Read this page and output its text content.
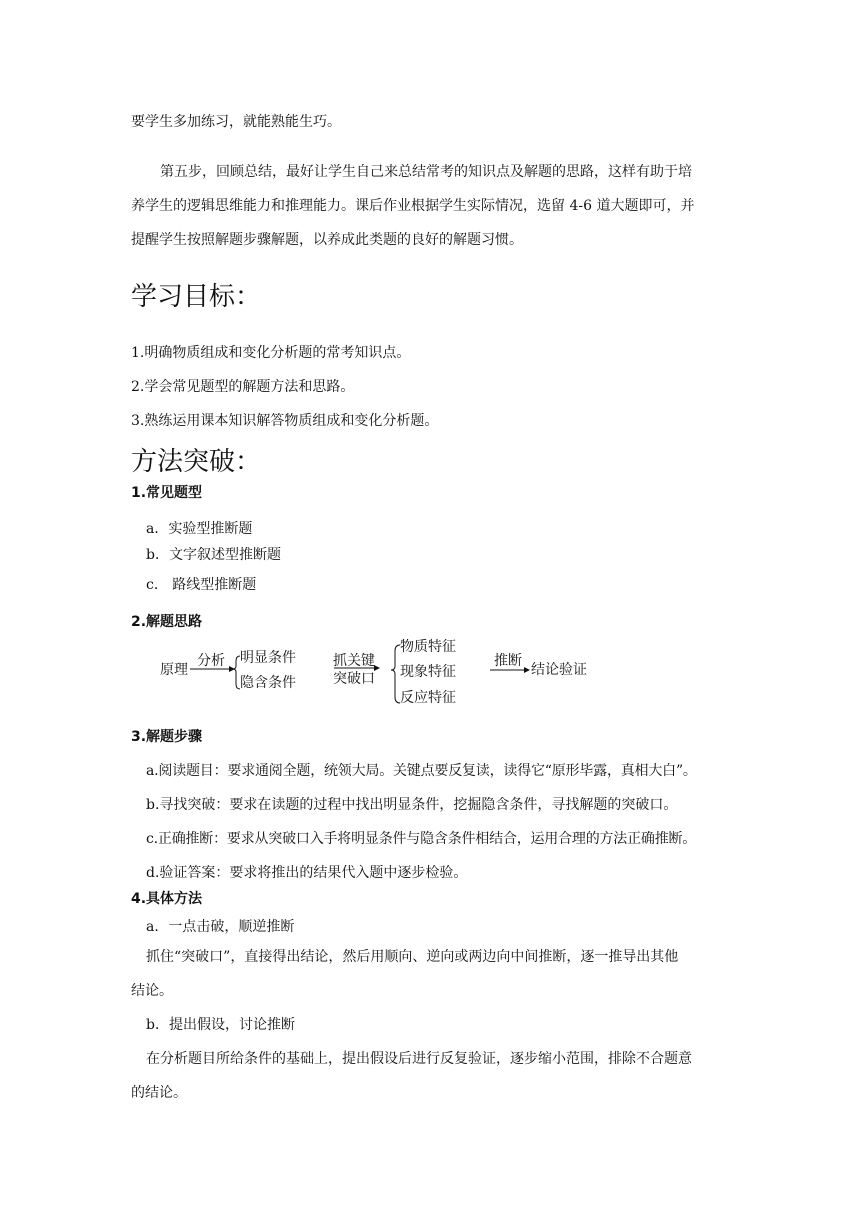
要学生多加练习，就能熟能生巧。
第五步，回顾总结，最好让学生自己来总结常考的知识点及解题的思路，这样有助于培
养学生的逻辑思维能力和推理能力。课后作业根据学生实际情况，选留 4-6 道大题即可，并
提醒学生按照解题步骤解题，以养成此类题的良好的解题习惯。
学习目标：
1.明确物质组成和变化分析题的常考知识点。
2.学会常见题型的解题方法和思路。
3.熟练运用课本知识解答物质组成和变化分析题。
方法突破：
1.常见题型
a．实验型推断题
b．文字叙述型推断题
c． 路线型推断题
2.解题思路
原理
分析 明显条件
隐含条件
抓关键
突破口
物质特征
现象特征
反应特征
推断
结论验证
3.解题步骤
a.阅读题目：要求通阅全题，统领大局。关键点要反复读，读得它“原形毕露，真相大白”。
b.寻找突破：要求在读题的过程中找出明显条件，挖掘隐含条件，寻找解题的突破口。
c.正确推断：要求从突破口入手将明显条件与隐含条件相结合，运用合理的方法正确推断。
d.验证答案：要求将推出的结果代入题中逐步检验。
4.具体方法
a．一点击破，顺逆推断
抓住“突破口”，直接得出结论，然后用顺向、逆向或两边向中间推断，逐一推导出其他
结论。
b．提出假设，讨论推断
在分析题目所给条件的基础上，提出假设后进行反复验证，逐步缩小范围，排除不合题意
的结论。
